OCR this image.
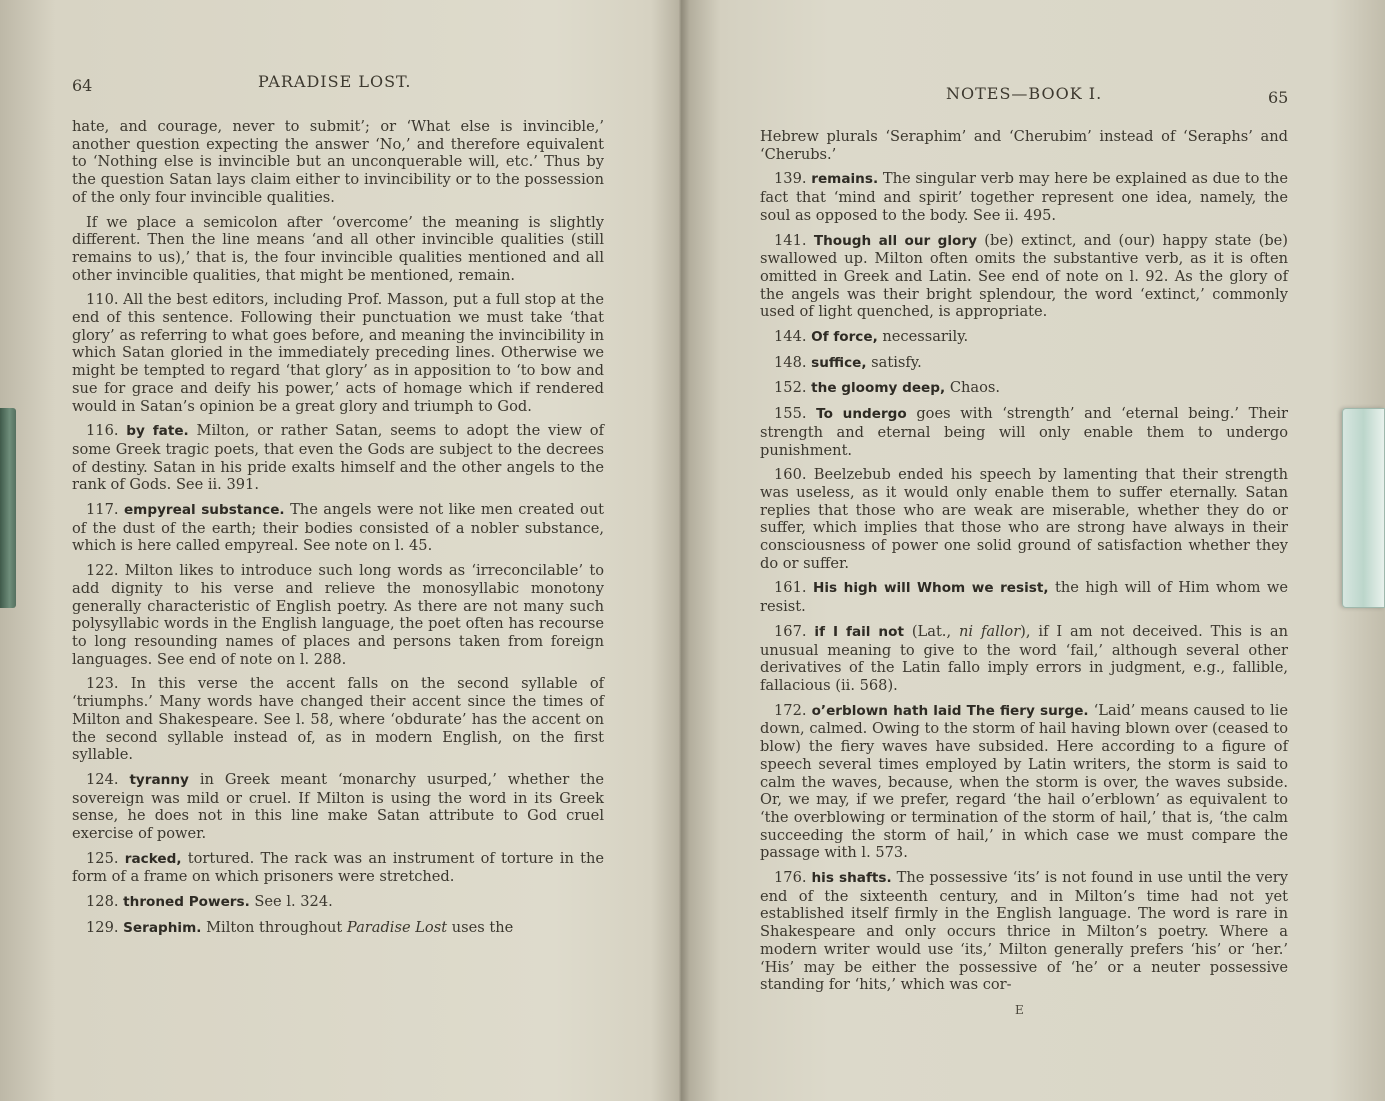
64	PARADISE LOST.

hate, and courage, never to submit’; or ‘What else is invincible,’ another question expecting the answer ‘No,’ and therefore equivalent to ‘Nothing else is invincible but an unconquerable will, etc.’ Thus by the question Satan lays claim either to invincibility or to the possession of the only four invincible qualities.

If we place a semicolon after ‘overcome’ the meaning is slightly different. Then the line means ‘and all other invincible qualities (still remains to us),’ that is, the four invincible qualities mentioned and all other invincible qualities, that might be mentioned, remain.

110. All the best editors, including Prof. Masson, put a full stop at the end of this sentence. Following their punctuation we must take ‘that glory’ as referring to what goes before, and meaning the invincibility in which Satan gloried in the immediately preceding lines. Otherwise we might be tempted to regard ‘that glory’ as in apposition to ‘to bow and sue for grace and deify his power,’ acts of homage which if rendered would in Satan’s opinion be a great glory and triumph to God.

116. by fate. Milton, or rather Satan, seems to adopt the view of some Greek tragic poets, that even the Gods are subject to the decrees of destiny. Satan in his pride exalts himself and the other angels to the rank of Gods. See ii. 391.

117. empyreal substance. The angels were not like men created out of the dust of the earth; their bodies consisted of a nobler substance, which is here called empyreal. See note on l. 45.

122. Milton likes to introduce such long words as ‘irreconcilable’ to add dignity to his verse and relieve the monosyllabic monotony generally characteristic of English poetry. As there are not many such polysyllabic words in the English language, the poet often has recourse to long resounding names of places and persons taken from foreign languages. See end of note on l. 288.

123. In this verse the accent falls on the second syllable of ‘triumphs.’ Many words have changed their accent since the times of Milton and Shakespeare. See l. 58, where ‘obdurate’ has the accent on the second syllable instead of, as in modern English, on the first syllable.

124. tyranny in Greek meant ‘monarchy usurped,’ whether the sovereign was mild or cruel. If Milton is using the word in its Greek sense, he does not in this line make Satan attribute to God cruel exercise of power.

125. racked, tortured. The rack was an instrument of torture in the form of a frame on which prisoners were stretched.

128. throned Powers. See l. 324.

129. Seraphim. Milton throughout Paradise Lost uses the

NOTES—BOOK I.	65

Hebrew plurals ‘Seraphim’ and ‘Cherubim’ instead of ‘Seraphs’ and ‘Cherubs.’

139. remains. The singular verb may here be explained as due to the fact that ‘mind and spirit’ together represent one idea, namely, the soul as opposed to the body. See ii. 495.

141. Though all our glory (be) extinct, and (our) happy state (be) swallowed up. Milton often omits the substantive verb, as it is often omitted in Greek and Latin. See end of note on l. 92. As the glory of the angels was their bright splendour, the word ‘extinct,’ commonly used of light quenched, is appropriate.

144. Of force, necessarily.

148. suffice, satisfy.

152. the gloomy deep, Chaos.

155. To undergo goes with ‘strength’ and ‘eternal being.’ Their strength and eternal being will only enable them to undergo punishment.

160. Beelzebub ended his speech by lamenting that their strength was useless, as it would only enable them to suffer eternally. Satan replies that those who are weak are miserable, whether they do or suffer, which implies that those who are strong have always in their consciousness of power one solid ground of satisfaction whether they do or suffer.

161. His high will Whom we resist, the high will of Him whom we resist.

167. if I fail not (Lat., ni fallor), if I am not deceived. This is an unusual meaning to give to the word ‘fail,’ although several other derivatives of the Latin fallo imply errors in judgment, e.g., fallible, fallacious (ii. 568).

172. o’erblown hath laid The fiery surge. ‘Laid’ means caused to lie down, calmed. Owing to the storm of hail having blown over (ceased to blow) the fiery waves have subsided. Here according to a figure of speech several times employed by Latin writers, the storm is said to calm the waves, because, when the storm is over, the waves subside. Or, we may, if we prefer, regard ‘the hail o’erblown’ as equivalent to ‘the overblowing or termination of the storm of hail,’ that is, ‘the calm succeeding the storm of hail,’ in which case we must compare the passage with l. 573.

176. his shafts. The possessive ‘its’ is not found in use until the very end of the sixteenth century, and in Milton’s time had not yet established itself firmly in the English language. The word is rare in Shakespeare and only occurs thrice in Milton’s poetry. Where a modern writer would use ‘its,’ Milton generally prefers ‘his’ or ‘her.’ ‘His’ may be either the possessive of ‘he’ or a neuter possessive standing for ‘hits,’ which was cor-

E
